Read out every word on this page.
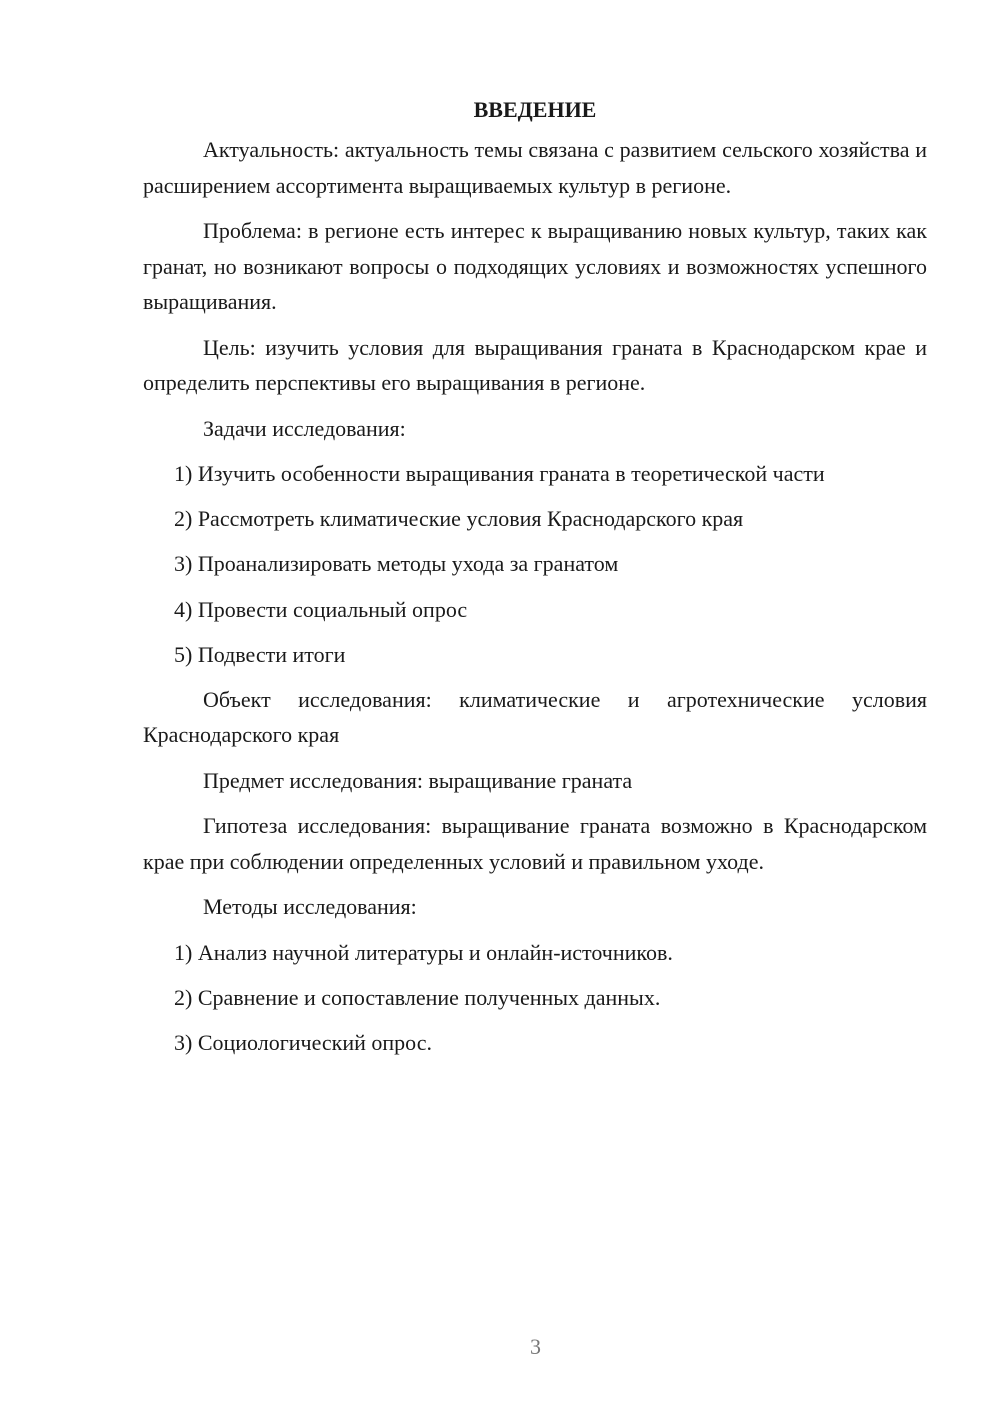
ВВЕДЕНИЕ

Актуальность: актуальность темы связана с развитием сельского хозяйства и расширением ассортимента выращиваемых культур в регионе.

Проблема: в регионе есть интерес к выращиванию новых культур, таких как гранат, но возникают вопросы о подходящих условиях и возможностях успешного выращивания.

Цель: изучить условия для выращивания граната в Краснодарском крае и определить перспективы его выращивания в регионе.

Задачи исследования:

1) Изучить особенности выращивания граната в теоретической части
2) Рассмотреть климатические условия Краснодарского края
3) Проанализировать методы ухода за гранатом
4) Провести социальный опрос
5) Подвести итоги

Объект исследования: климатические и агротехнические условия Краснодарского края

Предмет исследования: выращивание граната

Гипотеза исследования: выращивание граната возможно в Краснодарском крае при соблюдении определенных условий и правильном уходе.

Методы исследования:

1) Анализ научной литературы и онлайн-источников.
2) Сравнение и сопоставление полученных данных.
3) Социологический опрос.
3
